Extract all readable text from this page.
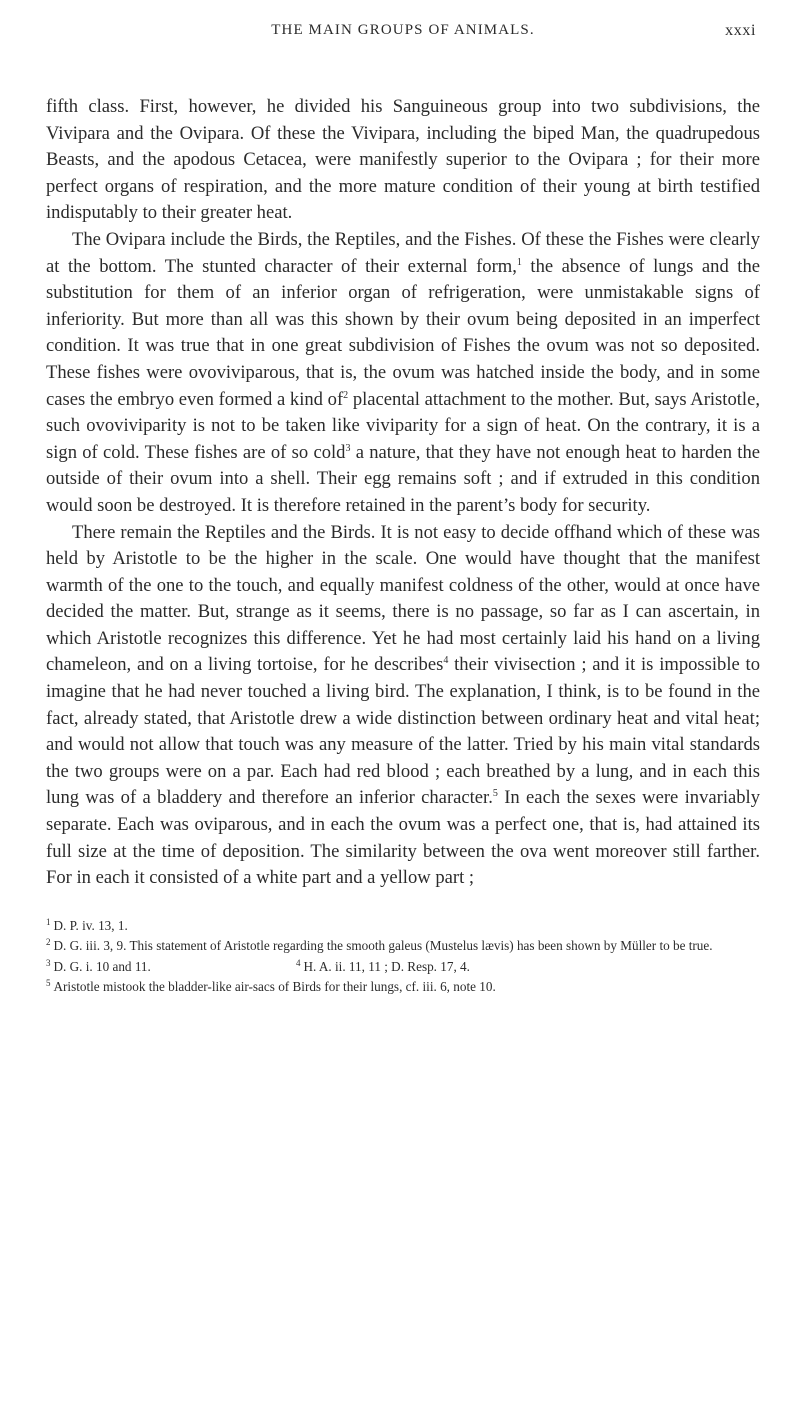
THE MAIN GROUPS OF ANIMALS.	xxxi

fifth class. First, however, he divided his Sanguineous group into two subdivisions, the Vivipara and the Ovipara. Of these the Vivipara, including the biped Man, the quadrupedous Beasts, and the apodous Cetacea, were manifestly superior to the Ovipara ; for their more perfect organs of respiration, and the more mature condition of their young at birth testified indisputably to their greater heat.

The Ovipara include the Birds, the Reptiles, and the Fishes. Of these the Fishes were clearly at the bottom. The stunted character of their external form,$^1$ the absence of lungs and the substitution for them of an inferior organ of refrigeration, were unmistakable signs of inferiority. But more than all was this shown by their ovum being deposited in an imperfect condition. It was true that in one great subdivision of Fishes the ovum was not so deposited. These fishes were ovoviviparous, that is, the ovum was hatched inside the body, and in some cases the embryo even formed a kind $of^2$ placental attachment to the mother. But, says Aristotle, such ovoviviparity is not to be taken like viviparity for a sign of heat. On the contrary, it is a sign of cold. These fishes are of so cold$^3$ a nature, that they have not enough heat to harden the outside of their ovum into a shell. Their egg remains soft ; and if extruded in this condition would soon be destroyed. It is therefore retained in the parent’s body for security.

There remain the Reptiles and the Birds. It is not easy to decide offhand which of these was held by Aristotle to be the higher in the scale. One would have thought that the manifest warmth of the one to the touch, and equally manifest coldness of the other, would at once have decided the matter. But, strange as it seems, there is no passage, so far as I can ascertain, in which Aristotle recognizes this difference. Yet he had most certainly laid his hand on a living chameleon, and on a living tortoise, for he describes$^4$ their vivisection ; and it is impossible to imagine that he had never touched a living bird. The explanation, I think, is to be found in the fact, already stated, that Aristotle drew a wide distinction between ordinary heat and vital heat; and would not allow that touch was any measure of the latter. Tried by his main vital standards the two groups were on a par. Each had red blood ; each breathed by a lung, and in each this lung was of a bladdery and therefore an inferior character.$^5$ In each the sexes were invariably separate. Each was oviparous, and in each the ovum was a perfect one, that is, had attained its full size at the time of deposition. The similarity between the ova went moreover still farther. For in each it consisted of a white part and a yellow part ;

$^1$ D. P. iv. 13, 1.

$^2$ D. G. iii. 3, 9. This statement of Aristotle regarding the smooth galeus (Mustelus lævis) has been shown by Müller to be true.

$^3$ D. G. i. 10 and 11.	$^4$ H. A. ii. 11, 11 ; D. Resp. 17, 4.

$^5$ Aristotle mistook the bladder-like air-sacs of Birds for their lungs, cf. iii. 6, note 10.
